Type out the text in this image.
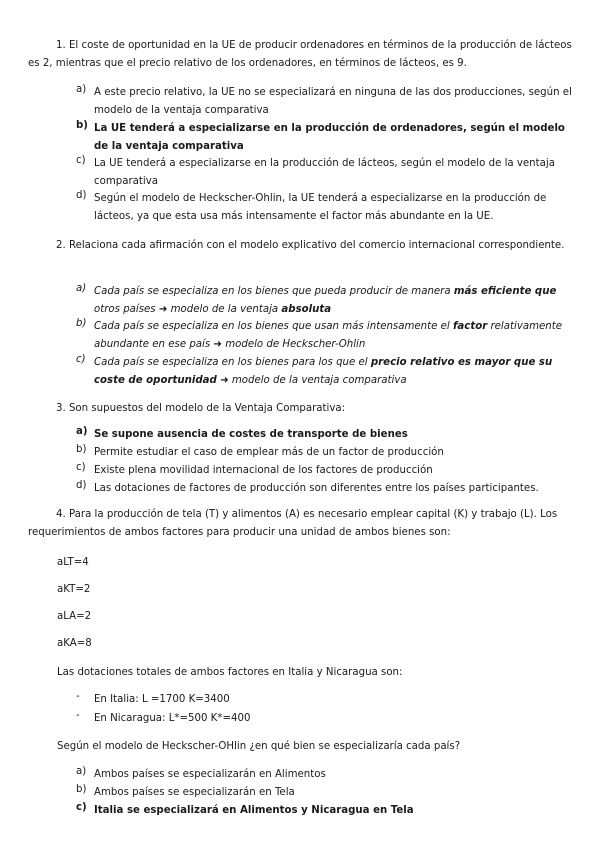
1. El coste de oportunidad en la UE de producir ordenadores en términos de la producción de lácteos es 2, mientras que el precio relativo de los ordenadores, en términos de lácteos, es 9.

a) A este precio relativo, la UE no se especializará en ninguna de las dos producciones, según el modelo de la ventaja comparativa

b) La UE tenderá a especializarse en la producción de ordenadores, según el modelo de la ventaja comparativa

c) La UE tenderá a especializarse en la producción de lácteos, según el modelo de la ventaja comparativa

d) Según el modelo de Heckscher-Ohlin, la UE tenderá a especializarse en la producción de lácteos, ya que esta usa más intensamente el factor más abundante en la UE.

2. Relaciona cada afirmación con el modelo explicativo del comercio internacional correspondiente.

a) Cada país se especializa en los bienes que pueda producir de manera más eficiente que otros países ➜ modelo de la ventaja absoluta

b) Cada país se especializa en los bienes que usan más intensamente el factor relativamente abundante en ese país ➜ modelo de Heckscher-Ohlin

c) Cada país se especializa en los bienes para los que el precio relativo es mayor que su coste de oportunidad ➜ modelo de la ventaja comparativa

3. Son supuestos del modelo de la Ventaja Comparativa:

a) Se supone ausencia de costes de transporte de bienes

b) Permite estudiar el caso de emplear más de un factor de producción

c) Existe plena movilidad internacional de los factores de producción

d) Las dotaciones de factores de producción son diferentes entre los países participantes.

4. Para la producción de tela (T) y alimentos (A) es necesario emplear capital (K) y trabajo (L). Los requerimientos de ambos factores para producir una unidad de ambos bienes son:

aLT=4

aKT=2

aLA=2

aKA=8

Las dotaciones totales de ambos factores en Italia y Nicaragua son:

- En Italia: L =1700 K=3400

- En Nicaragua: L*=500 K*=400

Según el modelo de Heckscher-OHlin ¿en qué bien se especializaría cada país?

a) Ambos países se especializarán en Alimentos

b) Ambos países se especializarán en Tela

c) Italia se especializará en Alimentos y Nicaragua en Tela
